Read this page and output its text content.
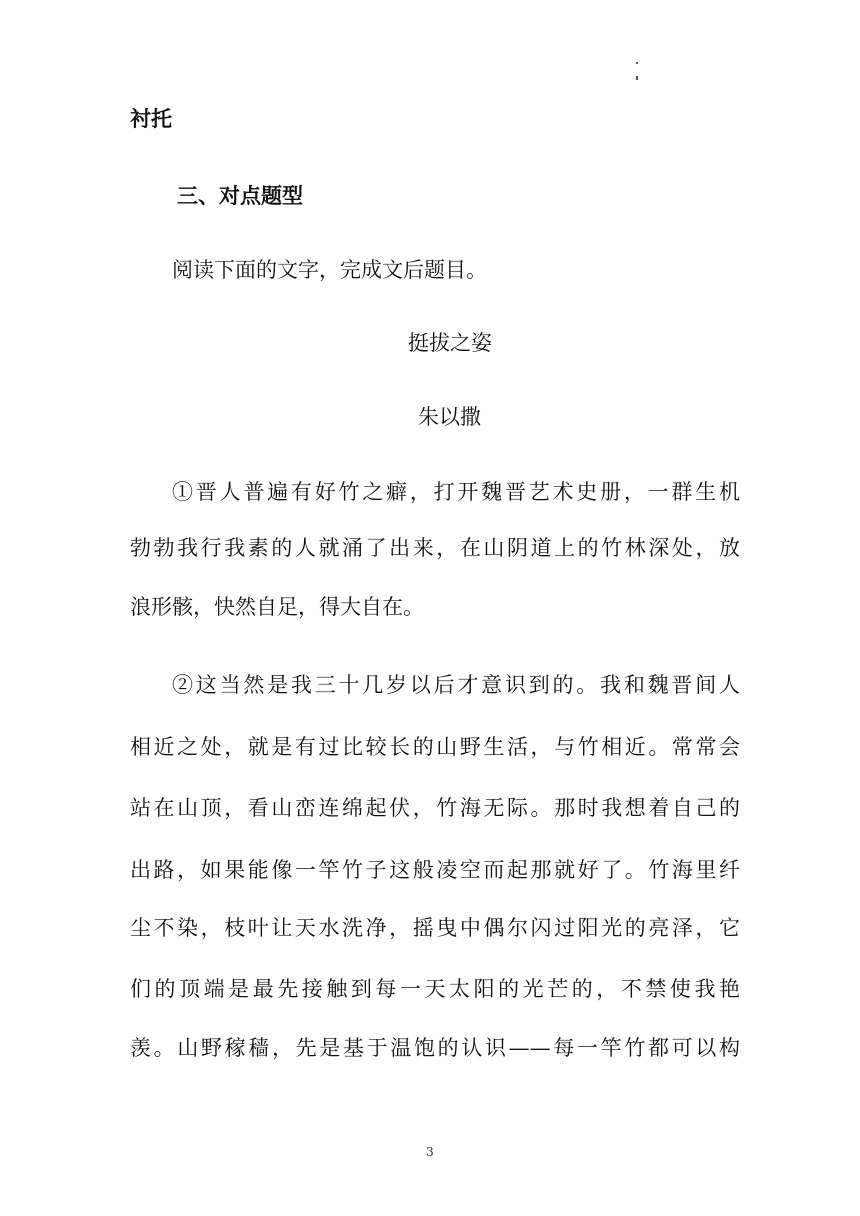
衬托
三、对点题型
阅读下面的文字，完成文后题目。
挺拔之姿
朱以撒
①晋人普遍有好竹之癖，打开魏晋艺术史册，一群生机
勃勃我行我素的人就涌了出来，在山阴道上的竹林深处，放
浪形骸，快然自足，得大自在。
②这当然是我三十几岁以后才意识到的。我和魏晋间人
相近之处，就是有过比较长的山野生活，与竹相近。常常会
站在山顶，看山峦连绵起伏，竹海无际。那时我想着自己的
出路，如果能像一竿竹子这般凌空而起那就好了。竹海里纤
尘不染，枝叶让天水洗净，摇曳中偶尔闪过阳光的亮泽，它
们的顶端是最先接触到每一天太阳的光芒的，不禁使我艳
羡。山野稼穑，先是基于温饱的认识——每一竿竹都可以构
3
